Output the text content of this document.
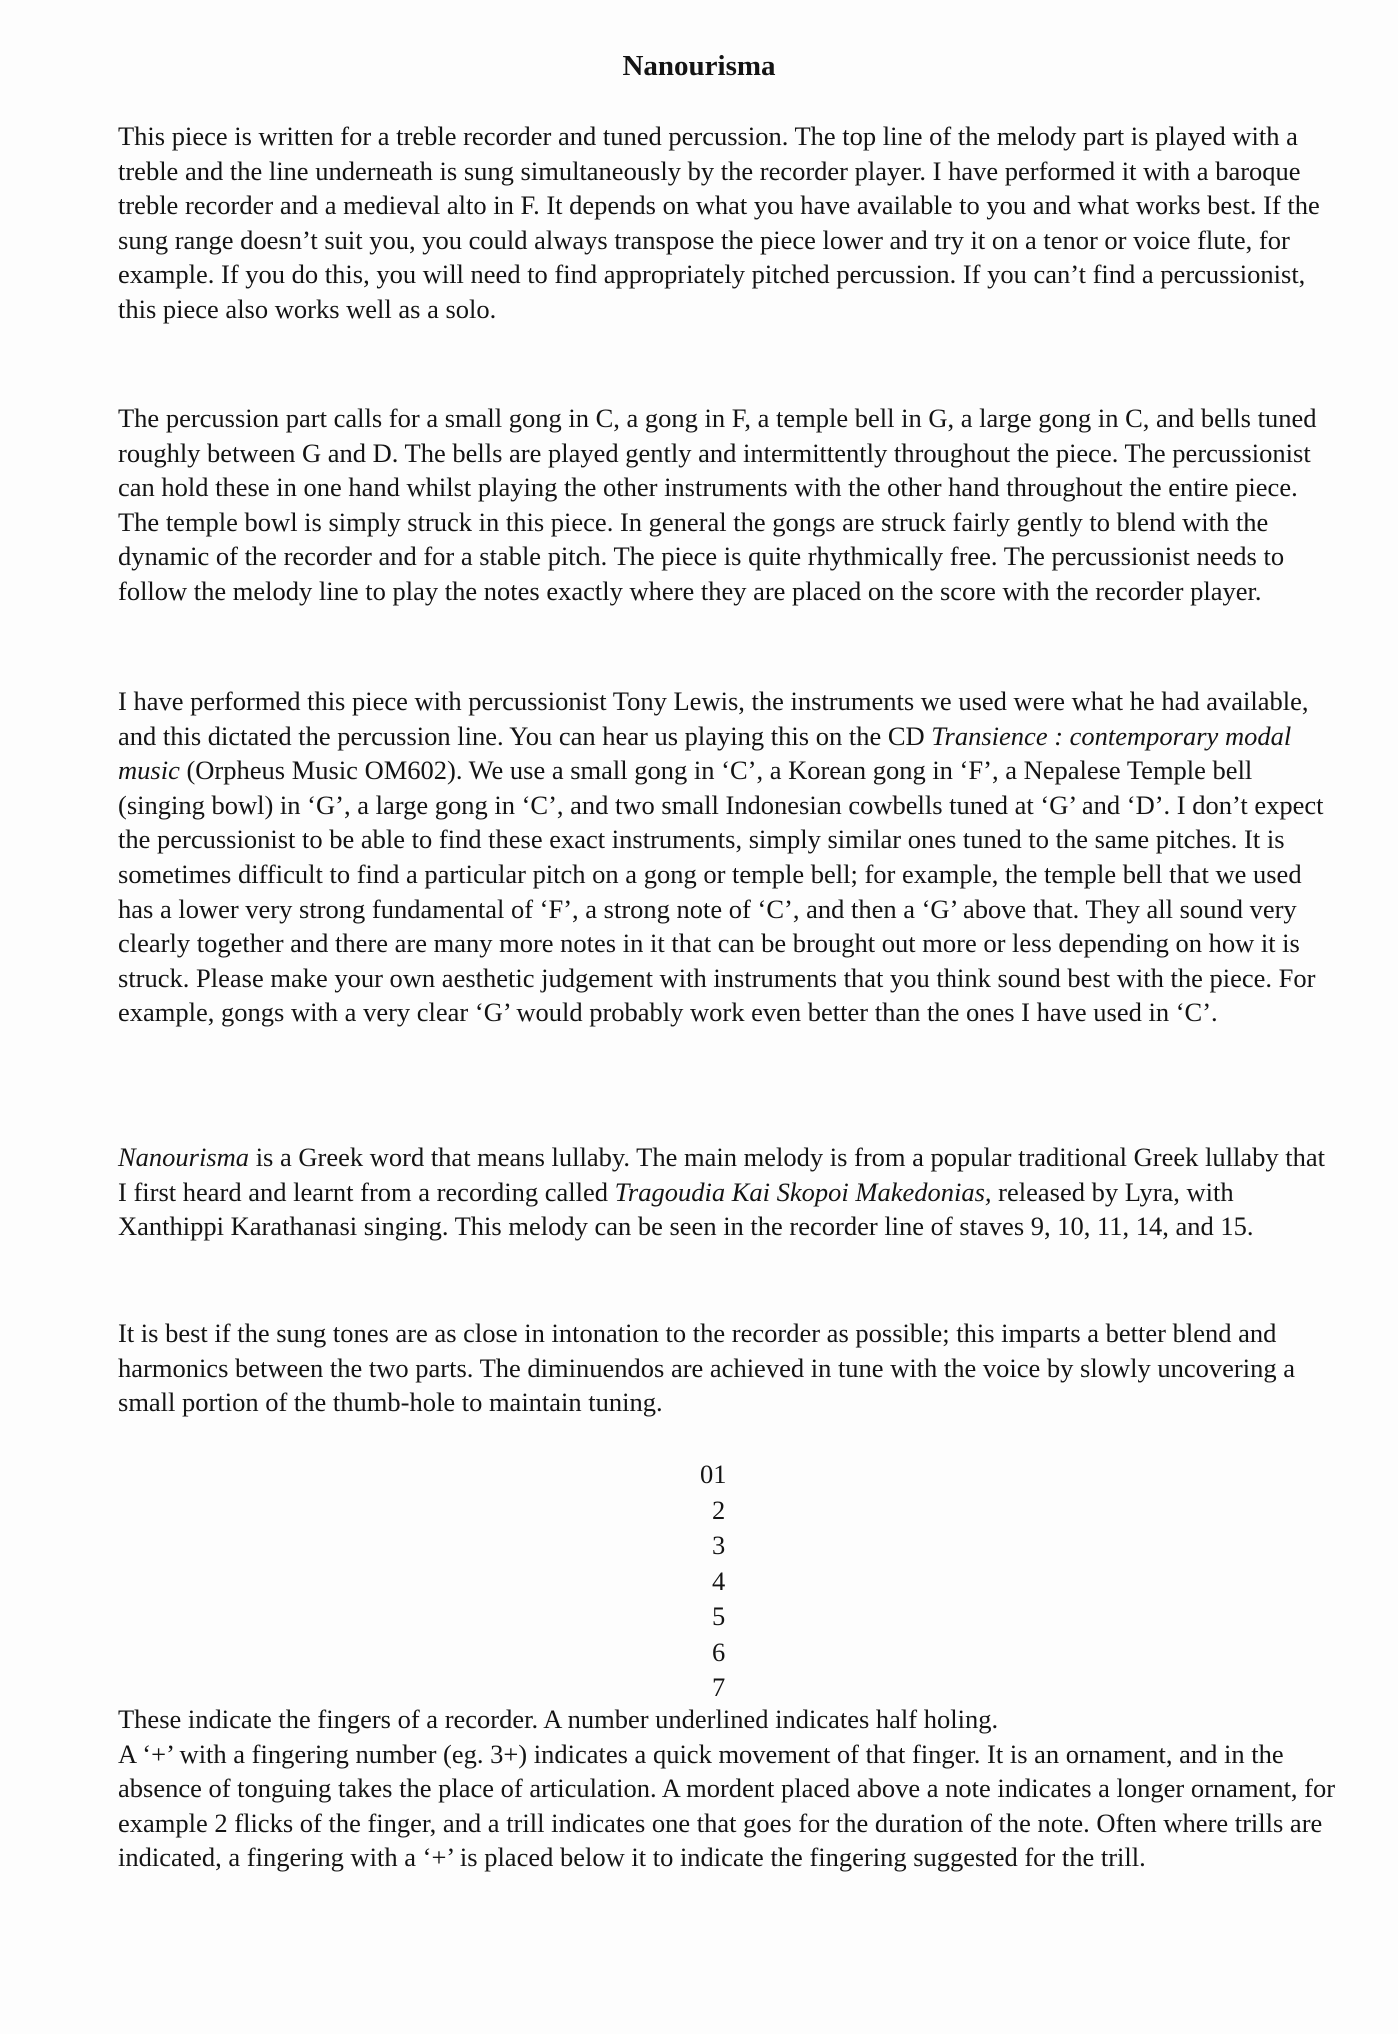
Nanourisma

This piece is written for a treble recorder and tuned percussion. The top line of the melody part is played with a treble and the line underneath is sung simultaneously by the recorder player. I have performed it with a baroque treble recorder and a medieval alto in F. It depends on what you have available to you and what works best. If the sung range doesn’t suit you, you could always transpose the piece lower and try it on a tenor or voice flute, for example. If you do this, you will need to find appropriately pitched percussion. If you can’t find a percussionist, this piece also works well as a solo.

The percussion part calls for a small gong in C, a gong in F, a temple bell in G, a large gong in C, and bells tuned roughly between G and D. The bells are played gently and intermittently throughout the piece. The percussionist can hold these in one hand whilst playing the other instruments with the other hand throughout the entire piece. The temple bowl is simply struck in this piece. In general the gongs are struck fairly gently to blend with the dynamic of the recorder and for a stable pitch. The piece is quite rhythmically free. The percussionist needs to follow the melody line to play the notes exactly where they are placed on the score with the recorder player.

I have performed this piece with percussionist Tony Lewis, the instruments we used were what he had available, and this dictated the percussion line. You can hear us playing this on the CD Transience : contemporary modal music (Orpheus Music OM602). We use a small gong in ‘C’, a Korean gong in ‘F’, a Nepalese Temple bell (singing bowl) in ‘G’, a large gong in ‘C’, and two small Indonesian cowbells tuned at ‘G’ and ‘D’. I don’t expect the percussionist to be able to find these exact instruments, simply similar ones tuned to the same pitches. It is sometimes difficult to find a particular pitch on a gong or temple bell; for example, the temple bell that we used has a lower very strong fundamental of ‘F’, a strong note of ‘C’, and then a ‘G’ above that. They all sound very clearly together and there are many more notes in it that can be brought out more or less depending on how it is struck. Please make your own aesthetic judgement with instruments that you think sound best with the piece. For example, gongs with a very clear ‘G’ would probably work even better than the ones I have used in ‘C’.

Nanourisma is a Greek word that means lullaby. The main melody is from a popular traditional Greek lullaby that I first heard and learnt from a recording called Tragoudia Kai Skopoi Makedonias, released by Lyra, with Xanthippi Karathanasi singing. This melody can be seen in the recorder line of staves 9, 10, 11, 14, and 15.

It is best if the sung tones are as close in intonation to the recorder as possible; this imparts a better blend and harmonics between the two parts. The diminuendos are achieved in tune with the voice by slowly uncovering a small portion of the thumb-hole to maintain tuning.

01
2
3
4
5
6
7

These indicate the fingers of a recorder. A number underlined indicates half holing.
A ‘+’ with a fingering number (eg. 3+) indicates a quick movement of that finger. It is an ornament, and in the absence of tonguing takes the place of articulation. A mordent placed above a note indicates a longer ornament, for example 2 flicks of the finger, and a trill indicates one that goes for the duration of the note. Often where trills are indicated, a fingering with a ‘+’ is placed below it to indicate the fingering suggested for the trill.
